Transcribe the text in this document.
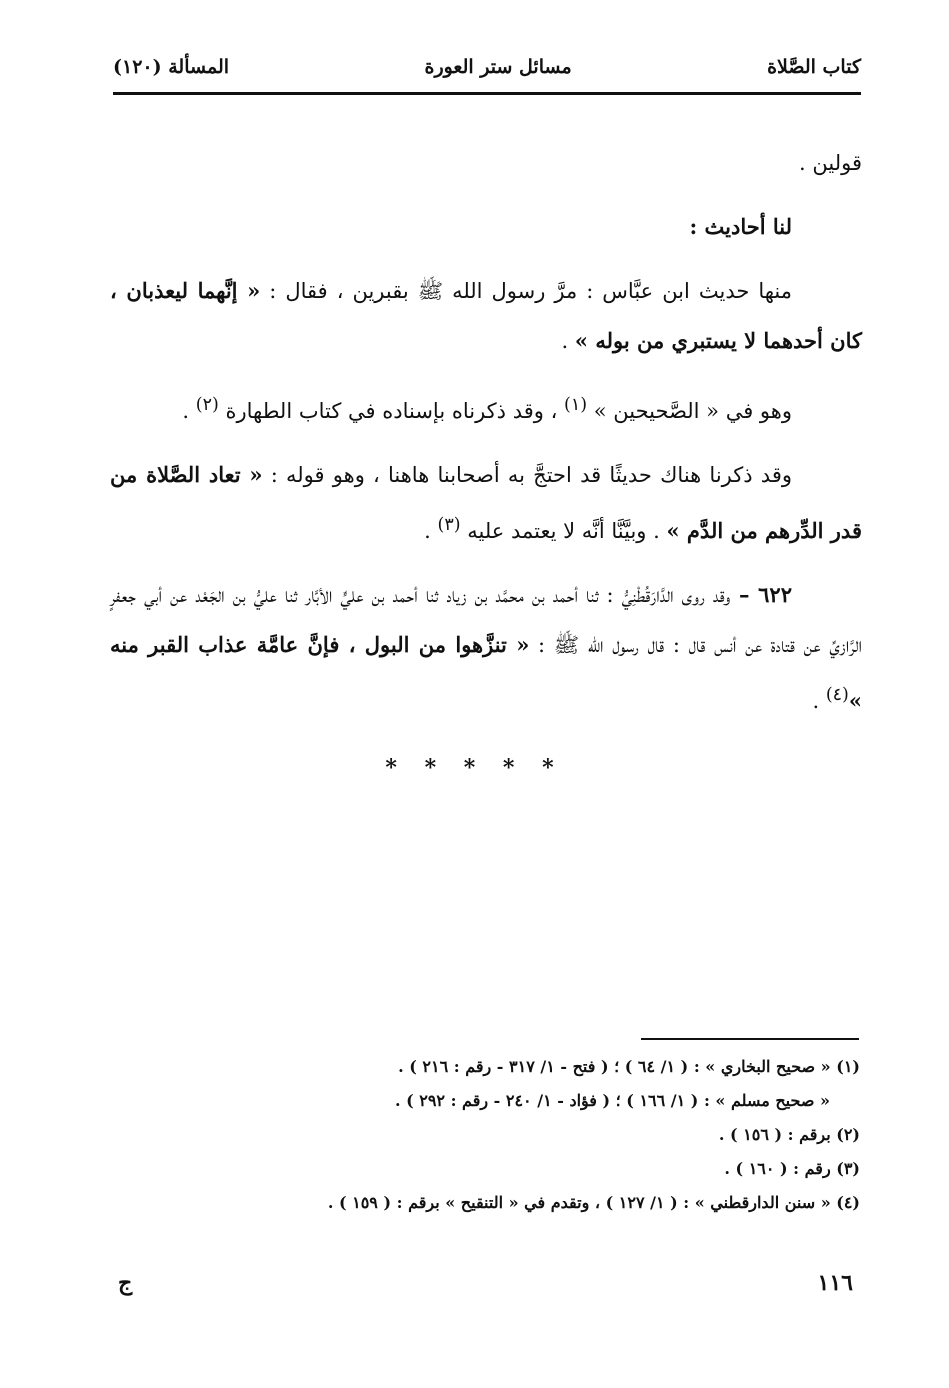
كتاب الصَّلاة
مسائل ستر العورة
المسألة (١٢٠)

قولين .

لنا أحاديث :

منها حديث ابن عبَّاس : مرَّ رسول الله ﷺ بقبرين ، فقال : « إنَّهما ليعذبان ، كان أحدهما لا يستبري من بوله » .

وهو في « الصَّحيحين » $^{(١)}$ ، وقد ذكرناه بإسناده في كتاب الطهارة $^{(٢)}$ .

وقد ذكرنا هناك حديثًا قد احتجَّ به أصحابنا هاهنا ، وهو قوله : « تعاد الصَّلاة من قدر الدِّرهم من الدَّم » . وبيَّنَّا أنَّه لا يعتمد عليه $^{(٣)}$ .

٦٢٢ – وقد روى الدَّارَقُطْنِيُّ : ثنا أحمد بن محمَّد بن زياد ثنا أحمد بن عليٍّ الأبَّار ثنا عليُّ بن الجَعْد عن أبي جعفرٍ الرَّازيِّ عن قتادة عن أنس قال : قال رسول الله ﷺ : « تنزَّهوا من البول ، فإنَّ عامَّة عذاب القبر منه »$^{(٤)}$ .

* * * * *
(١) « صحيح البخاري » : ( ١/ ٦٤ ) ؛ ( فتح - ١/ ٣١٧ - رقم : ٢١٦ ) .
« صحيح مسلم » : ( ١/ ١٦٦ ) ؛ ( فؤاد - ١/ ٢٤٠ - رقم : ٢٩٢ ) .
(٢) برقم : ( ١٥٦ ) .
(٣) رقم : ( ١٦٠ ) .
(٤) « سنن الدارقطني » : ( ١/ ١٢٧ ) ، وتقدم في « التنقيح » برقم : ( ١٥٩ ) .
١١٦
ج
